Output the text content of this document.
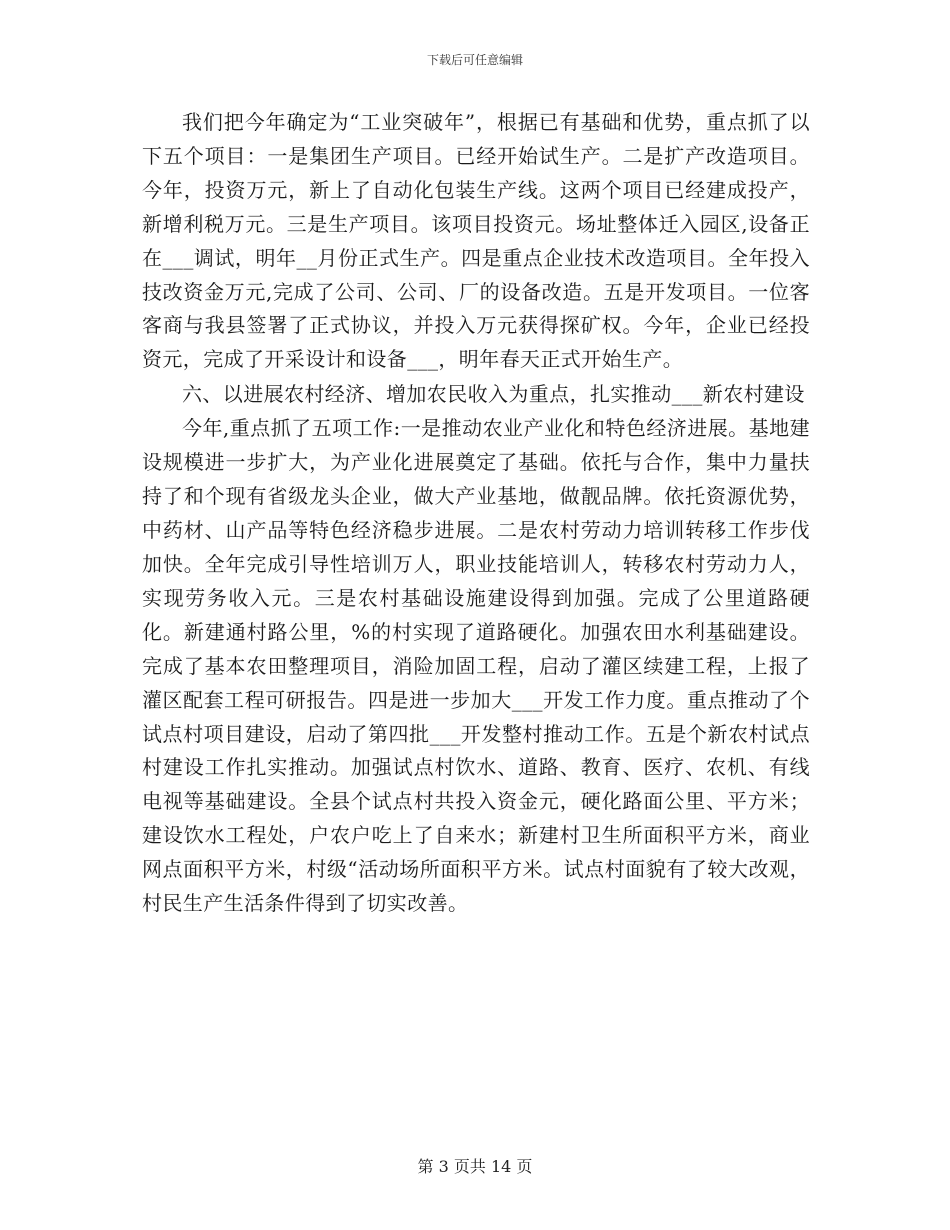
下载后可任意编辑

我们把今年确定为“工业突破年”，根据已有基础和优势，重点抓了以下五个项目：一是集团生产项目。已经开始试生产。二是扩产改造项目。今年，投资万元，新上了自动化包装生产线。这两个项目已经建成投产，新增利税万元。三是生产项目。该项目投资元。场址整体迁入园区,设备正在___调试，明年__月份正式生产。四是重点企业技术改造项目。全年投入技改资金万元,完成了公司、公司、厂的设备改造。五是开发项目。一位客客商与我县签署了正式协议，并投入万元获得探矿权。今年，企业已经投资元，完成了开采设计和设备___，明年春天正式开始生产。

六、以进展农村经济、增加农民收入为重点，扎实推动___新农村建设

今年,重点抓了五项工作:一是推动农业产业化和特色经济进展。基地建设规模进一步扩大，为产业化进展奠定了基础。依托与合作，集中力量扶持了和个现有省级龙头企业，做大产业基地，做靓品牌。依托资源优势，中药材、山产品等特色经济稳步进展。二是农村劳动力培训转移工作步伐加快。全年完成引导性培训万人，职业技能培训人，转移农村劳动力人，实现劳务收入元。三是农村基础设施建设得到加强。完成了公里道路硬化。新建通村路公里，%的村实现了道路硬化。加强农田水利基础建设。完成了基本农田整理项目，消险加固工程，启动了灌区续建工程，上报了灌区配套工程可研报告。四是进一步加大___开发工作力度。重点推动了个试点村项目建设，启动了第四批___开发整村推动工作。五是个新农村试点村建设工作扎实推动。加强试点村饮水、道路、教育、医疗、农机、有线电视等基础建设。全县个试点村共投入资金元，硬化路面公里、平方米；建设饮水工程处，户农户吃上了自来水；新建村卫生所面积平方米，商业网点面积平方米，村级“活动场所面积平方米。试点村面貌有了较大改观，村民生产生活条件得到了切实改善。

第 3 页共 14 页
